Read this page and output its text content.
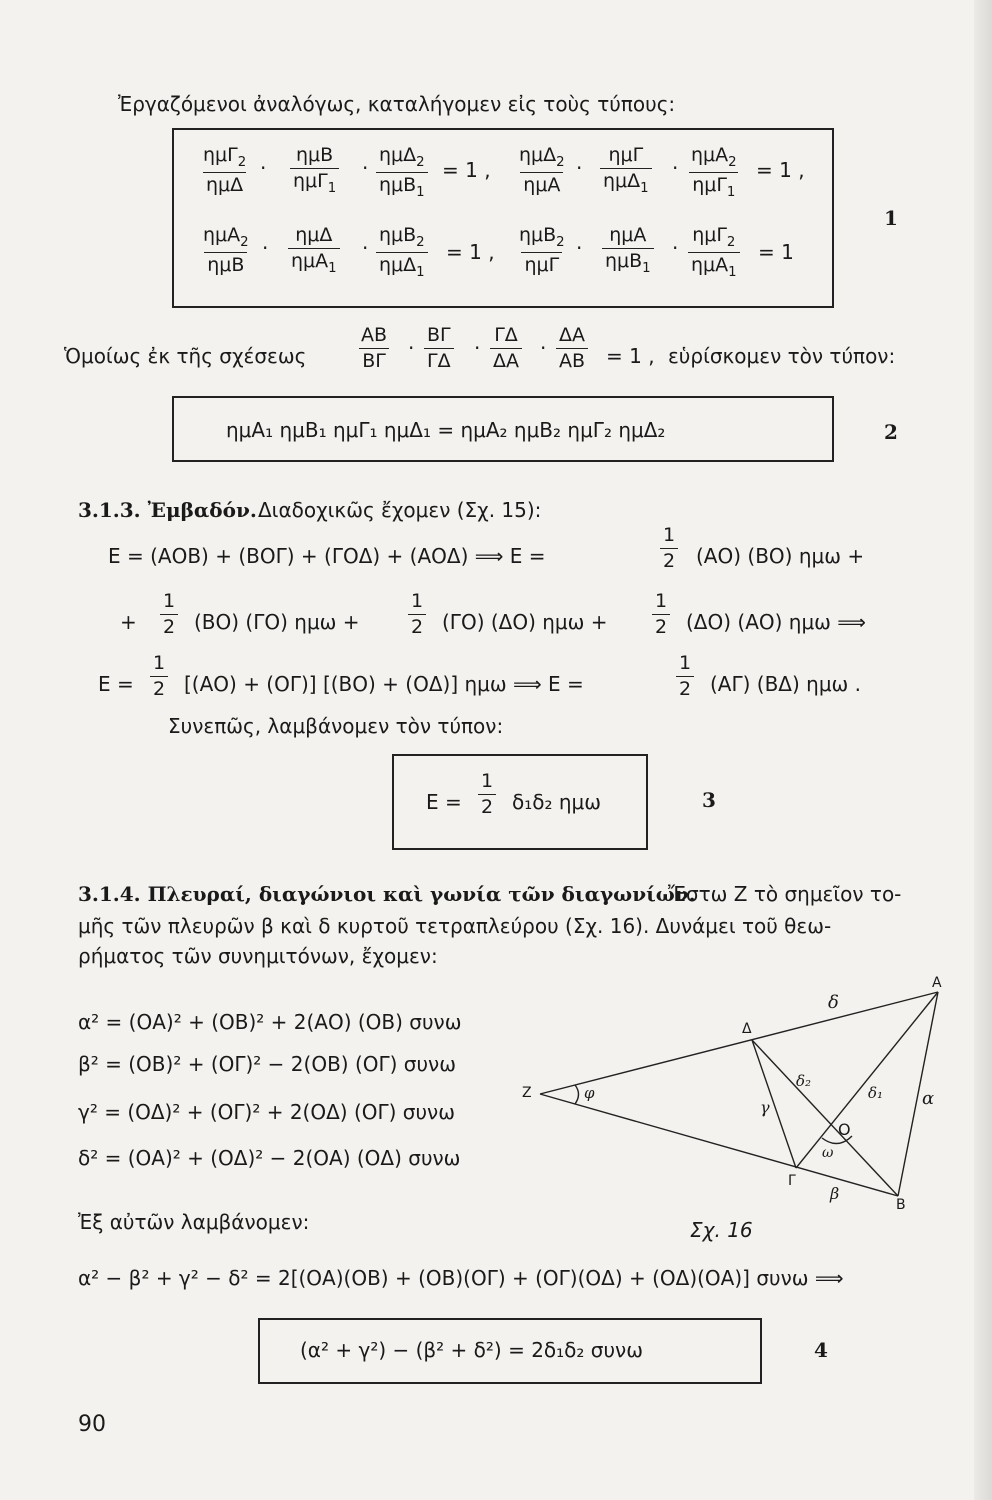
Ἐργαζόμενοι ἀναλόγως, καταλήγομεν εἰς τοὺς τύπους:
ημΓ$_2$
ημΔ
·
ημΒ
ημΓ$_1$
·
ημΔ$_2$
ημΒ$_1$
= 1 ,
ημΔ$_2$
ημΑ
·
ημΓ
ημΔ$_1$
·
ημΑ$_2$
ημΓ$_1$
= 1 ,
ημΑ$_2$
ημΒ
·
ημΔ
ημΑ$_1$
·
ημΒ$_2$
ημΔ$_1$
= 1 ,
ημΒ$_2$
ημΓ
·
ημΑ
ημΒ$_1$
·
ημΓ$_2$
ημΑ$_1$
= 1
1
Ὁμοίως ἐκ τῆς σχέσεως	$\frac{AB}{B\Gamma} \cdot \frac{B\Gamma}{\Gamma\Delta} \cdot \frac{\Gamma\Delta}{\Delta A} \cdot \frac{\Delta A}{AB} = 1$ , εὑρίσκομεν τὸν τύπον:
ημΑ₁ ημΒ₁ ημΓ₁ ημΔ₁ = ημΑ₂ ημΒ₂ ημΓ₂ ημΔ₂	2
3.1.3. Ἐμβαδόν. Διαδοχικῶς ἔχομεν (Σχ. 15):
Ε = (ΑΟΒ) + (ΒΟΓ) + (ΓΟΔ) + (ΑΟΔ) ⟹ Ε =	$\frac{1}{2} (AO)$ (ΒΟ) ημω +
+ $\frac{1}{2} (BO)$ (ΓΟ) ημω +	$\frac{1}{2} (\Gamma O)$ (ΔΟ) $\eta\mu\omega + \frac{1}{2} (\Delta O)$ (ΑΟ) ημω ⟹
$E = \frac{1}{2} [(AO) + (O\Gamma)] [(BO) + (O\Delta)]$ ημω ⟹ Ε =	$\frac{1}{2} (A\Gamma)$ (ΒΔ) ημω .
Συνεπῶς, λαμβάνομεν τὸν τύπον:
$E = \frac{1}{2} \delta_1\delta_2$ ημω	3
3.1.4. Πλευραί, διαγώνιοι καὶ γωνία τῶν διαγωνίων.
Ἔστω Ζ τὸ σημεῖον το-
μῆς τῶν πλευρῶν β καὶ δ κυρτοῦ τετραπλεύρου (Σχ. 16). Δυνάμει τοῦ θεω-
ρήματος τῶν συνημιτόνων, ἔχομεν:
α² = (ΟΑ)² + (ΟΒ)² + 2(ΑΟ) (ΟΒ) συνω
β² = (ΟΒ)² + (ΟΓ)² − 2(ΟΒ) (ΟΓ) συνω
γ² = (ΟΔ)² + (ΟΓ)² + 2(ΟΔ) (ΟΓ) συνω
δ² = (ΟΑ)² + (ΟΔ)² − 2(ΟΑ) (ΟΔ) συνω
Ἐξ αὐτῶν λαμβάνομεν:	Σχ. 16
α² − β² + γ² − δ² = 2[(ΟΑ)(ΟΒ) + (ΟΒ)(ΟΓ) + (ΟΓ)(ΟΔ) + (ΟΔ)(ΟΑ)] συνω ⟹
(α² + γ²) − (β² + δ²) = 2δ₁δ₂ συνω	4
90
Α
Β
Γ
Δ
Ο
Ζ	φ
ω
α
β
γ
δ
δ₁
δ₂
